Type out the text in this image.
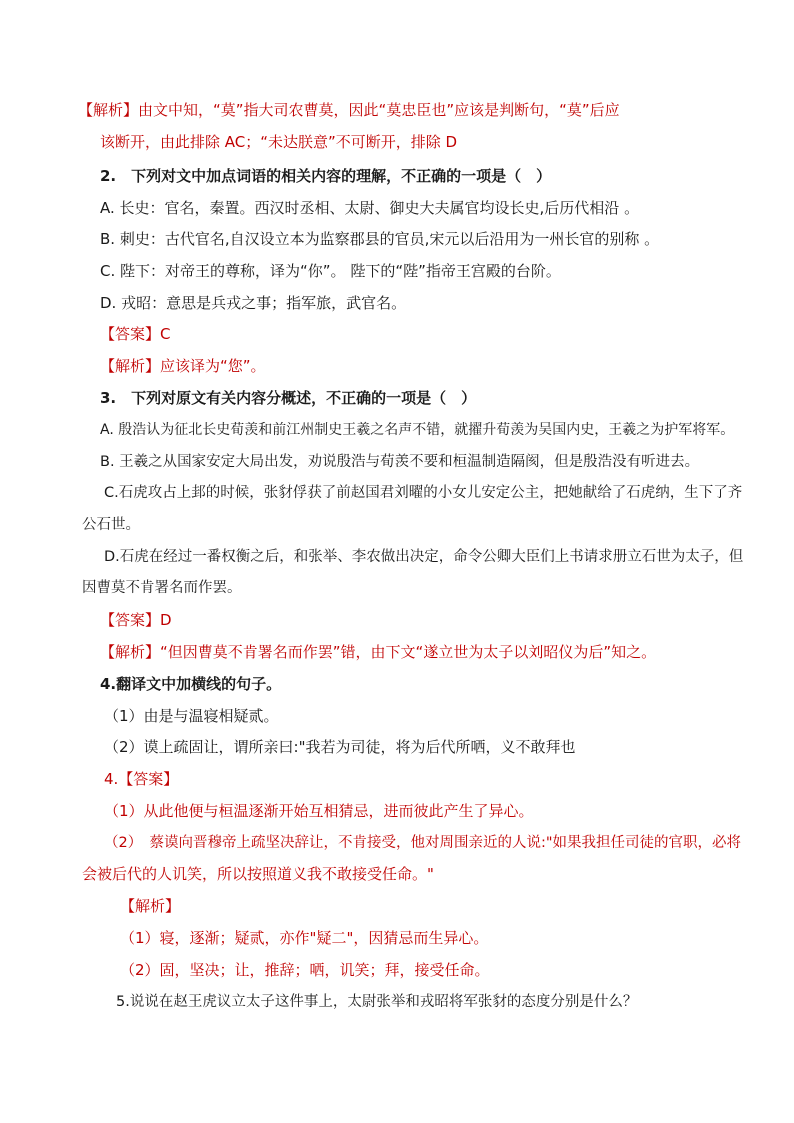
【解析】由文中知，“莫”指大司农曹莫，因此“莫忠臣也”应该是判断句，“莫”后应
该断开，由此排除 AC；“未达朕意”不可断开，排除 D
2.　下列对文中加点词语的相关内容的理解，不正确的一项是（　）
A. 长史：官名，秦置。西汉时丞相、太尉、御史大夫属官均设长史,后历代相沿 。
B. 刺史：古代官名,自汉设立本为监察郡县的官员,宋元以后沿用为一州长官的别称 。
C. 陛下：对帝王的尊称，译为“你”。 陛下的“陛”指帝王宫殿的台阶。
D. 戎昭：意思是兵戎之事；指军旅，武官名。
【答案】C
【解析】应该译为“您”。
3.　下列对原文有关内容分概述，不正确的一项是（　）
A. 殷浩认为征北长史荀羡和前江州制史王羲之名声不错，就擢升荀羡为吴国内史，王羲之为护军将军。
B. 王羲之从国家安定大局出发，劝说殷浩与荀羡不要和桓温制造隔阂，但是殷浩没有听进去。
C.石虎攻占上邽的时候，张豺俘获了前赵国君刘曜的小女儿安定公主，把她献给了石虎纳，生下了齐
公石世。
D.石虎在经过一番权衡之后，和张举、李农做出决定，命令公卿大臣们上书请求册立石世为太子，但
因曹莫不肯署名而作罢。
【答案】D
【解析】“但因曹莫不肯署名而作罢”错，由下文“遂立世为太子以刘昭仪为后”知之。
4.翻译文中加横线的句子。
（1）由是与温寝相疑贰。
（2）谟上疏固让，谓所亲曰:"我若为司徒，将为后代所哂，义不敢拜也
4.【答案】
（1）从此他便与桓温逐渐开始互相猜忌，进而彼此产生了异心。
（2）　蔡谟向晋穆帝上疏坚决辞让，不肯接受，他对周围亲近的人说:"如果我担任司徒的官职，必将
会被后代的人讥笑，所以按照道义我不敢接受任命。"
【解析】
（1）寝，逐渐；疑贰，亦作"疑二"，因猜忌而生异心。
（2）固，坚决；让，推辞；哂，讥笑；拜，接受任命。
5.说说在赵王虎议立太子这件事上，太尉张举和戎昭将军张豺的态度分别是什么？
